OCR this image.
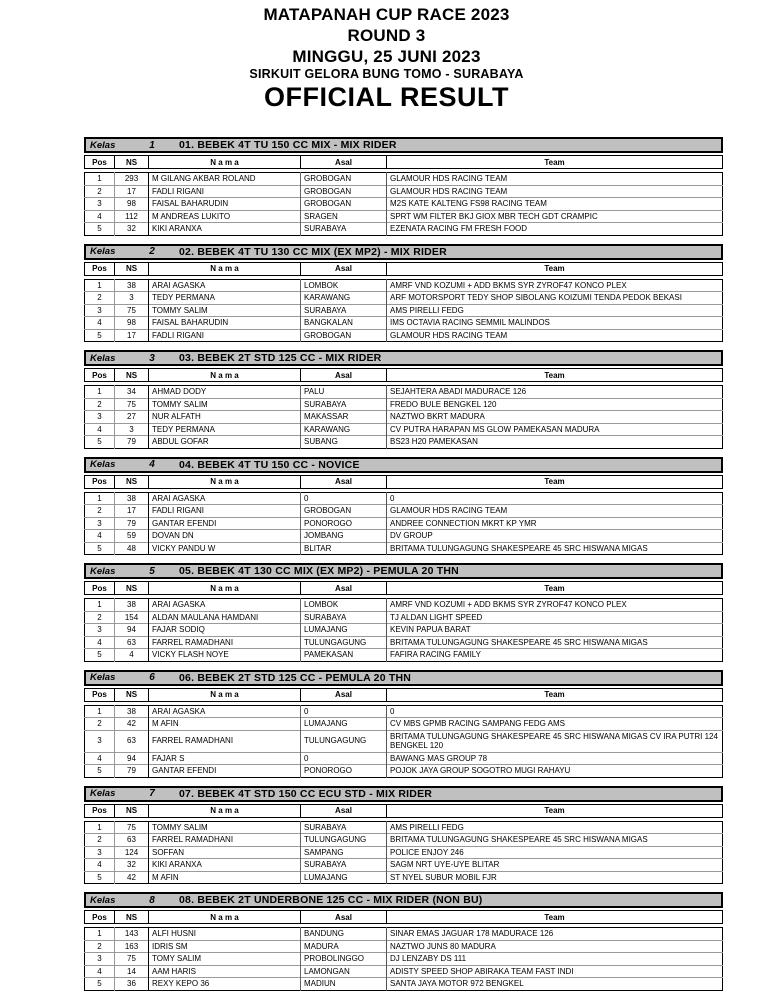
MATAPANAH CUP RACE 2023
ROUND 3
MINGGU, 25 JUNI 2023
SIRKUIT GELORA BUNG TOMO - SURABAYA
OFFICIAL RESULT
Kelas	1	01. BEBEK 4T TU 150 CC MIX - MIX RIDER
Pos	NS	N a m a	Asal	Team
1	293	M GILANG AKBAR ROLAND	GROBOGAN	GLAMOUR HDS RACING TEAM
2	17	FADLI RIGANI	GROBOGAN	GLAMOUR HDS RACING TEAM
3	98	FAISAL BAHARUDIN	GROBOGAN	M2S KATE KALTENG FS98 RACING TEAM
4	112	M ANDREAS LUKITO	SRAGEN	SPRT WM FILTER BKJ GIOX MBR TECH GDT CRAMPIC
5	32	KIKI ARANXA	SURABAYA	EZENATA RACING FM FRESH FOOD
Kelas	2	02. BEBEK 4T TU 130 CC MIX (EX MP2) - MIX RIDER
Pos	NS	N a m a	Asal	Team
1	38	ARAI AGASKA	LOMBOK	AMRF VND KOZUMI + ADD BKMS SYR ZYROF47 KONCO PLEX
2	3	TEDY PERMANA	KARAWANG	ARF MOTORSPORT TEDY SHOP SIBOLANG KOIZUMI TENDA PEDOK BEKASI
3	75	TOMMY SALIM	SURABAYA	AMS PIRELLI FEDG
4	98	FAISAL BAHARUDIN	BANGKALAN	IMS OCTAVIA RACING SEMMIL MALINDOS
5	17	FADLI RIGANI	GROBOGAN	GLAMOUR HDS RACING TEAM
Kelas	3	03. BEBEK 2T STD 125 CC - MIX RIDER
Pos	NS	N a m a	Asal	Team
1	34	AHMAD DODY	PALU	SEJAHTERA ABADI MADURACE 126
2	75	TOMMY SALIM	SURABAYA	FREDO BULE BENGKEL 120
3	27	NUR ALFATH	MAKASSAR	NAZTWO BKRT MADURA
4	3	TEDY PERMANA	KARAWANG	CV PUTRA HARAPAN MS GLOW PAMEKASAN MADURA
5	79	ABDUL GOFAR	SUBANG	BS23 H20 PAMEKASAN
Kelas	4	04. BEBEK 4T TU 150 CC - NOVICE
Pos	NS	N a m a	Asal	Team
1	38	ARAI AGASKA	0	0
2	17	FADLI RIGANI	GROBOGAN	GLAMOUR HDS RACING TEAM
3	79	GANTAR EFENDI	PONOROGO	ANDREE CONNECTION MKRT KP YMR
4	59	DOVAN DN	JOMBANG	DV GROUP
5	48	VICKY PANDU W	BLITAR	BRITAMA TULUNGAGUNG SHAKESPEARE 45 SRC HISWANA MIGAS
Kelas	5	05. BEBEK 4T 130 CC MIX (EX MP2) - PEMULA 20 THN
Pos	NS	N a m a	Asal	Team
1	38	ARAI AGASKA	LOMBOK	AMRF VND KOZUMI + ADD BKMS SYR ZYROF47 KONCO PLEX
2	154	ALDAN MAULANA HAMDANI	SURABAYA	TJ ALDAN LIGHT SPEED
3	94	FAJAR SODIQ	LUMAJANG	KEVIN PAPUA BARAT
4	63	FARREL RAMADHANI	TULUNGAGUNG	BRITAMA TULUNGAGUNG SHAKESPEARE 45 SRC HISWANA MIGAS
5	4	VICKY FLASH NOYE	PAMEKASAN	FAFIRA RACING FAMILY
Kelas	6	06. BEBEK 2T STD 125 CC - PEMULA 20 THN
Pos	NS	N a m a	Asal	Team
1	38	ARAI AGASKA	0	0
2	42	M AFIN	LUMAJANG	CV MBS GPMB RACING SAMPANG FEDG AMS
3	63	FARREL RAMADHANI	TULUNGAGUNG	BRITAMA TULUNGAGUNG SHAKESPEARE 45 SRC HISWANA MIGAS CV IRA PUTRI 124 BENGKEL 120
4	94	FAJAR S	0	BAWANG MAS GROUP 78
5	79	GANTAR EFENDI	PONOROGO	POJOK JAYA GROUP SOGOTRO MUGI RAHAYU
Kelas	7	07. BEBEK 4T STD 150 CC ECU STD - MIX RIDER
Pos	NS	N a m a	Asal	Team
1	75	TOMMY SALIM	SURABAYA	AMS PIRELLI FEDG
2	63	FARREL RAMADHANI	TULUNGAGUNG	BRITAMA TULUNGAGUNG SHAKESPEARE 45 SRC HISWANA MIGAS
3	124	SOFFAN	SAMPANG	POLICE ENJOY 246
4	32	KIKI ARANXA	SURABAYA	SAGM NRT UYE-UYE BLITAR
5	42	M AFIN	LUMAJANG	ST NYEL SUBUR MOBIL FJR
Kelas	8	08. BEBEK 2T UNDERBONE 125 CC - MIX RIDER (NON BU)
Pos	NS	N a m a	Asal	Team
1	143	ALFI HUSNI	BANDUNG	SINAR EMAS JAGUAR 178 MADURACE 126
2	163	IDRIS SM	MADURA	NAZTWO JUNS 80 MADURA
3	75	TOMY SALIM	PROBOLINGGO	DJ LENZABY DS 111
4	14	AAM HARIS	LAMONGAN	ADISTY SPEED SHOP ABIRAKA TEAM FAST INDI
5	36	REXY KEPO 36	MADIUN	SANTA JAYA MOTOR 972 BENGKEL
